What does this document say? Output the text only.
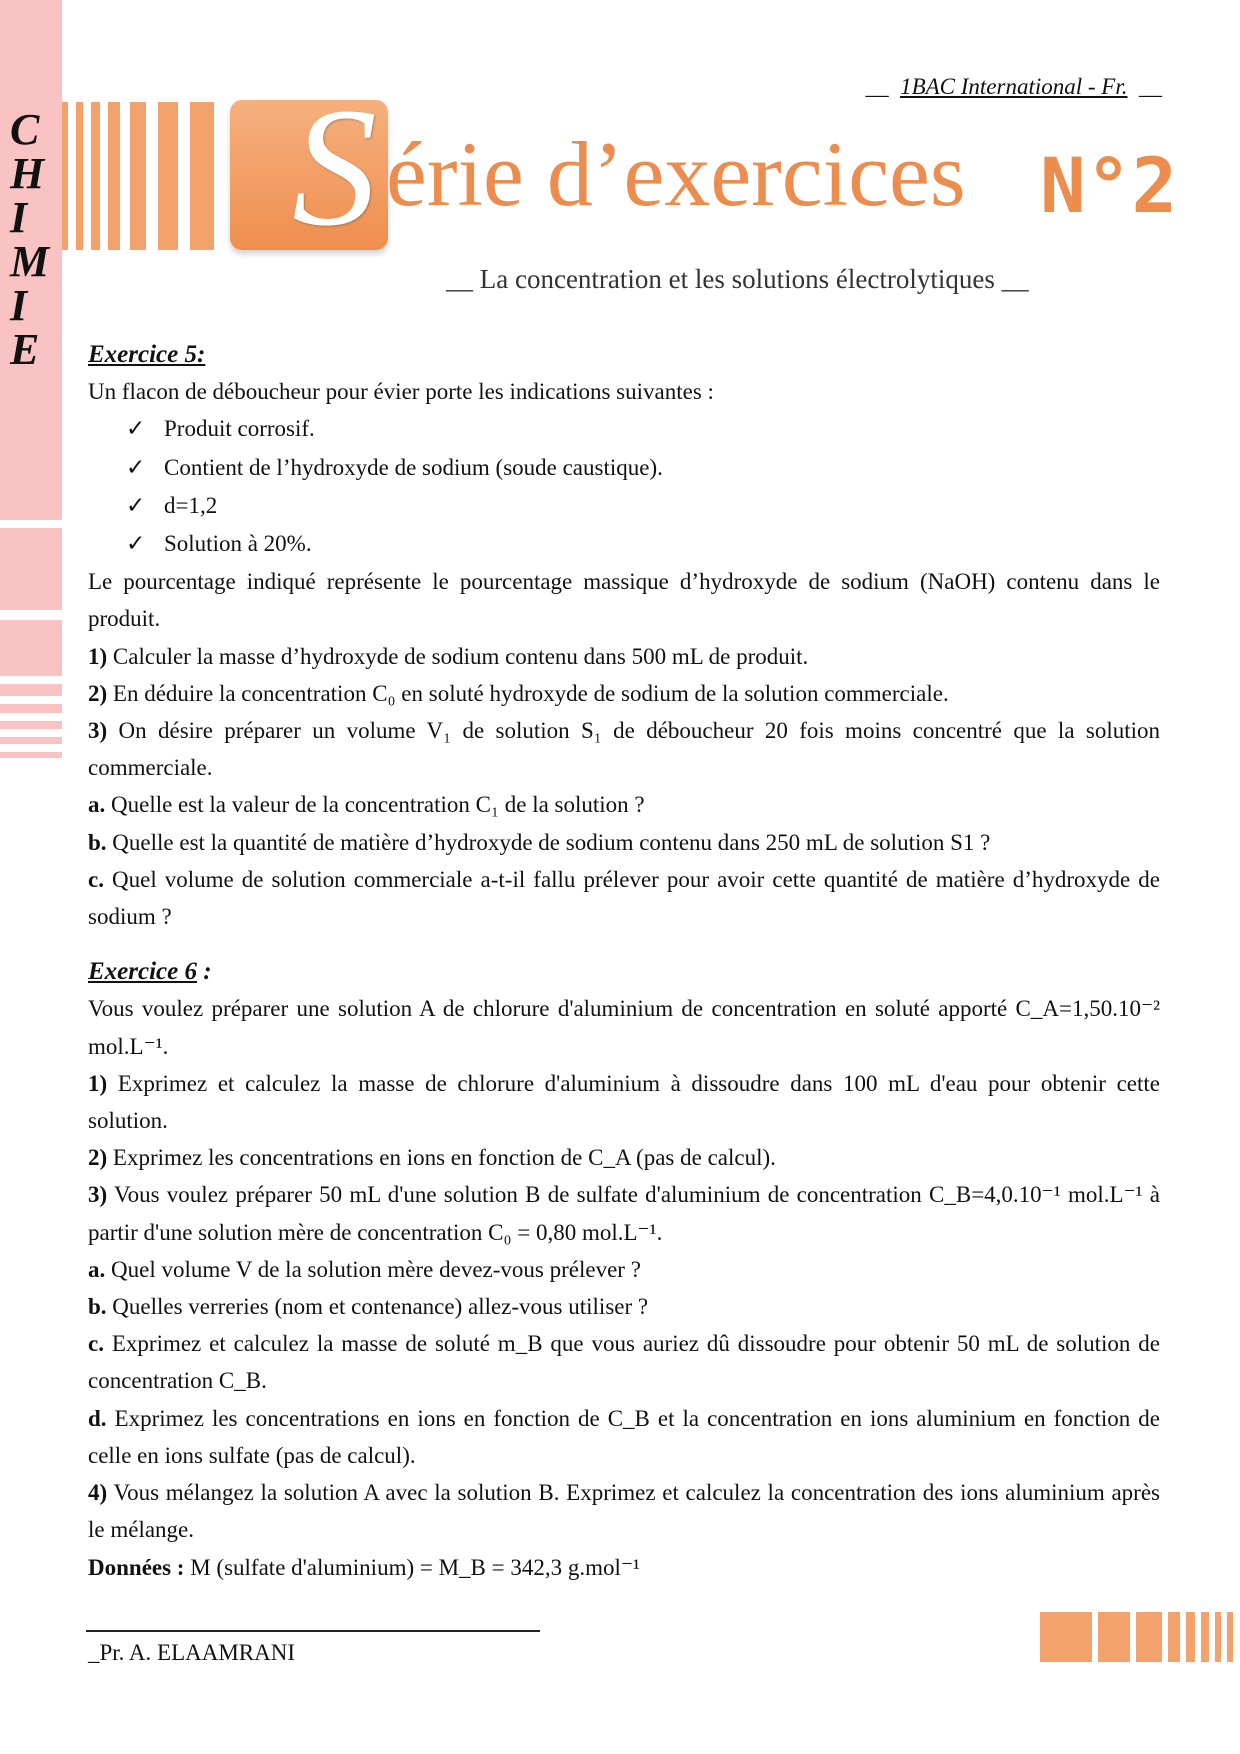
C
H
I
M
I
E
__  1BAC International - Fr.  __
S érie d’exercices N°2
__ La concentration et les solutions électrolytiques __

Exercice 5:

Un flacon de déboucheur pour évier porte les indications suivantes :

✓ Produit corrosif.

✓ Contient de l’hydroxyde de sodium (soude caustique).

✓ d=1,2

✓ Solution à 20%.

Le pourcentage indiqué représente le pourcentage massique d’hydroxyde de sodium (NaOH) contenu dans le produit.

1) Calculer la masse d’hydroxyde de sodium contenu dans 500 mL de produit.

2) En déduire la concentration C₀ en soluté hydroxyde de sodium de la solution commerciale.

3) On désire préparer un volume V₁ de solution S₁ de déboucheur 20 fois moins concentré que la solution commerciale.

a. Quelle est la valeur de la concentration C₁ de la solution ?

b. Quelle est la quantité de matière d’hydroxyde de sodium contenu dans 250 mL de solution S1 ?

c. Quel volume de solution commerciale a-t-il fallu prélever pour avoir cette quantité de matière d’hydroxyde de sodium ?

Exercice 6 :

Vous voulez préparer une solution A de chlorure d'aluminium de concentration en soluté apporté C_A=1,50.10⁻² mol.L⁻¹.

1) Exprimez et calculez la masse de chlorure d'aluminium à dissoudre dans 100 mL d'eau pour obtenir cette solution.

2) Exprimez les concentrations en ions en fonction de C_A (pas de calcul).

3) Vous voulez préparer 50 mL d'une solution B de sulfate d'aluminium de concentration C_B=4,0.10⁻¹ mol.L⁻¹ à partir d'une solution mère de concentration C₀ = 0,80 mol.L⁻¹.

a. Quel volume V de la solution mère devez-vous prélever ?

b. Quelles verreries (nom et contenance) allez-vous utiliser ?

c. Exprimez et calculez la masse de soluté m_B que vous auriez dû dissoudre pour obtenir 50 mL de solution de concentration C_B.

d. Exprimez les concentrations en ions en fonction de C_B et la concentration en ions aluminium en fonction de celle en ions sulfate (pas de calcul).

4) Vous mélangez la solution A avec la solution B. Exprimez et calculez la concentration des ions aluminium après le mélange.

Données : M (sulfate d'aluminium) = M_B = 342,3 g.mol⁻¹

_Pr. A. ELAAMRANI
